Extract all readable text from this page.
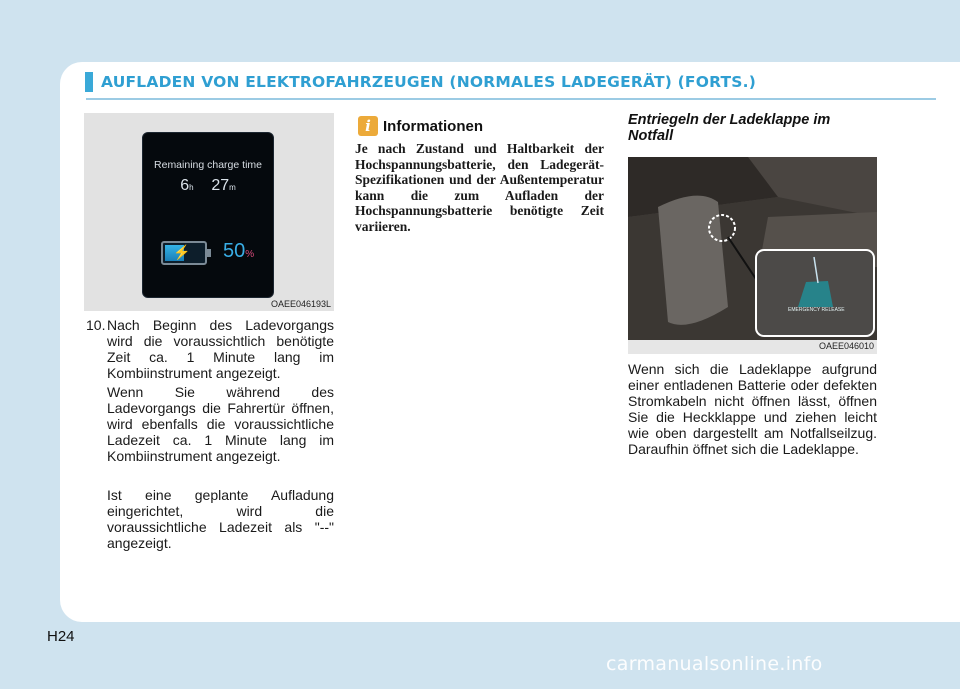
AUFLADEN VON ELEKTROFAHRZEUGEN (NORMALES LADEGERÄT) (FORTS.)
Remaining charge time
6h 27m
⚡ 50%
OAEE046193L
10. Nach Beginn des Ladevorgangs wird die voraussichtlich benötigte Zeit ca. 1 Minute lang im Kombiinstrument angezeigt.
Wenn Sie während des Ladevorgangs die Fahrertür öffnen, wird ebenfalls die voraussichtliche Ladezeit ca. 1 Minute lang im Kombiinstrument angezeigt.
Ist eine geplante Aufladung eingerichtet, wird die voraussichtliche Ladezeit als "--" angezeigt.
i Informationen
Je nach Zustand und Haltbarkeit der Hochspannungsbatterie, den Ladegerät-Spezifikationen und der Außentemperatur kann die zum Aufladen der Hochspannungsbatterie benötigte Zeit variieren.
Entriegeln der Ladeklappe im Notfall
EMERGENCY RELEASE
OAEE046010
Wenn sich die Ladeklappe aufgrund einer entladenen Batterie oder defekten Stromkabeln nicht öffnen lässt, öffnen Sie die Heckklappe und ziehen leicht wie oben dargestellt am Notfallseilzug. Daraufhin öffnet sich die Ladeklappe.
H24
carmanualsonline.info
